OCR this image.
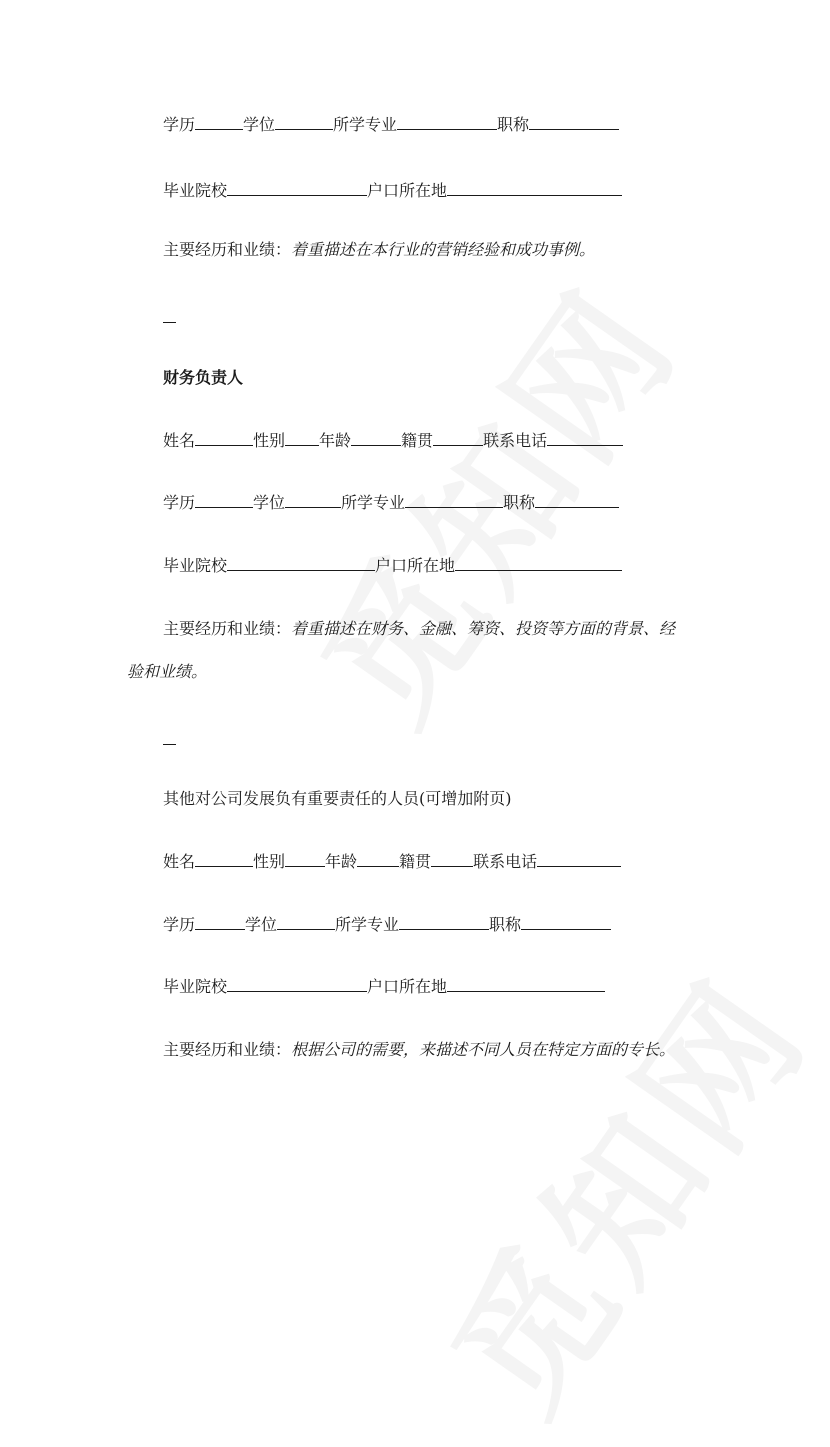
学历	学位	所学专业	职称
毕业院校	户口所在地
主要经历和业绩：着重描述在本行业的营销经验和成功事例。
财务负责人
姓名	性别 年龄	籍贯	联系电话
学历	学位	所学专业	职称
毕业院校	户口所在地
主要经历和业绩：着重描述在财务、金融、筹资、投资等方面的背景、经
验和业绩。
其他对公司发展负有重要责任的人员(可增加附页)
姓名	性别	年龄	籍贯	联系电话
学历	学位	所学专业	职称
毕业院校	户口所在地
主要经历和业绩：根据公司的需要，来描述不同人员在特定方面的专长。
